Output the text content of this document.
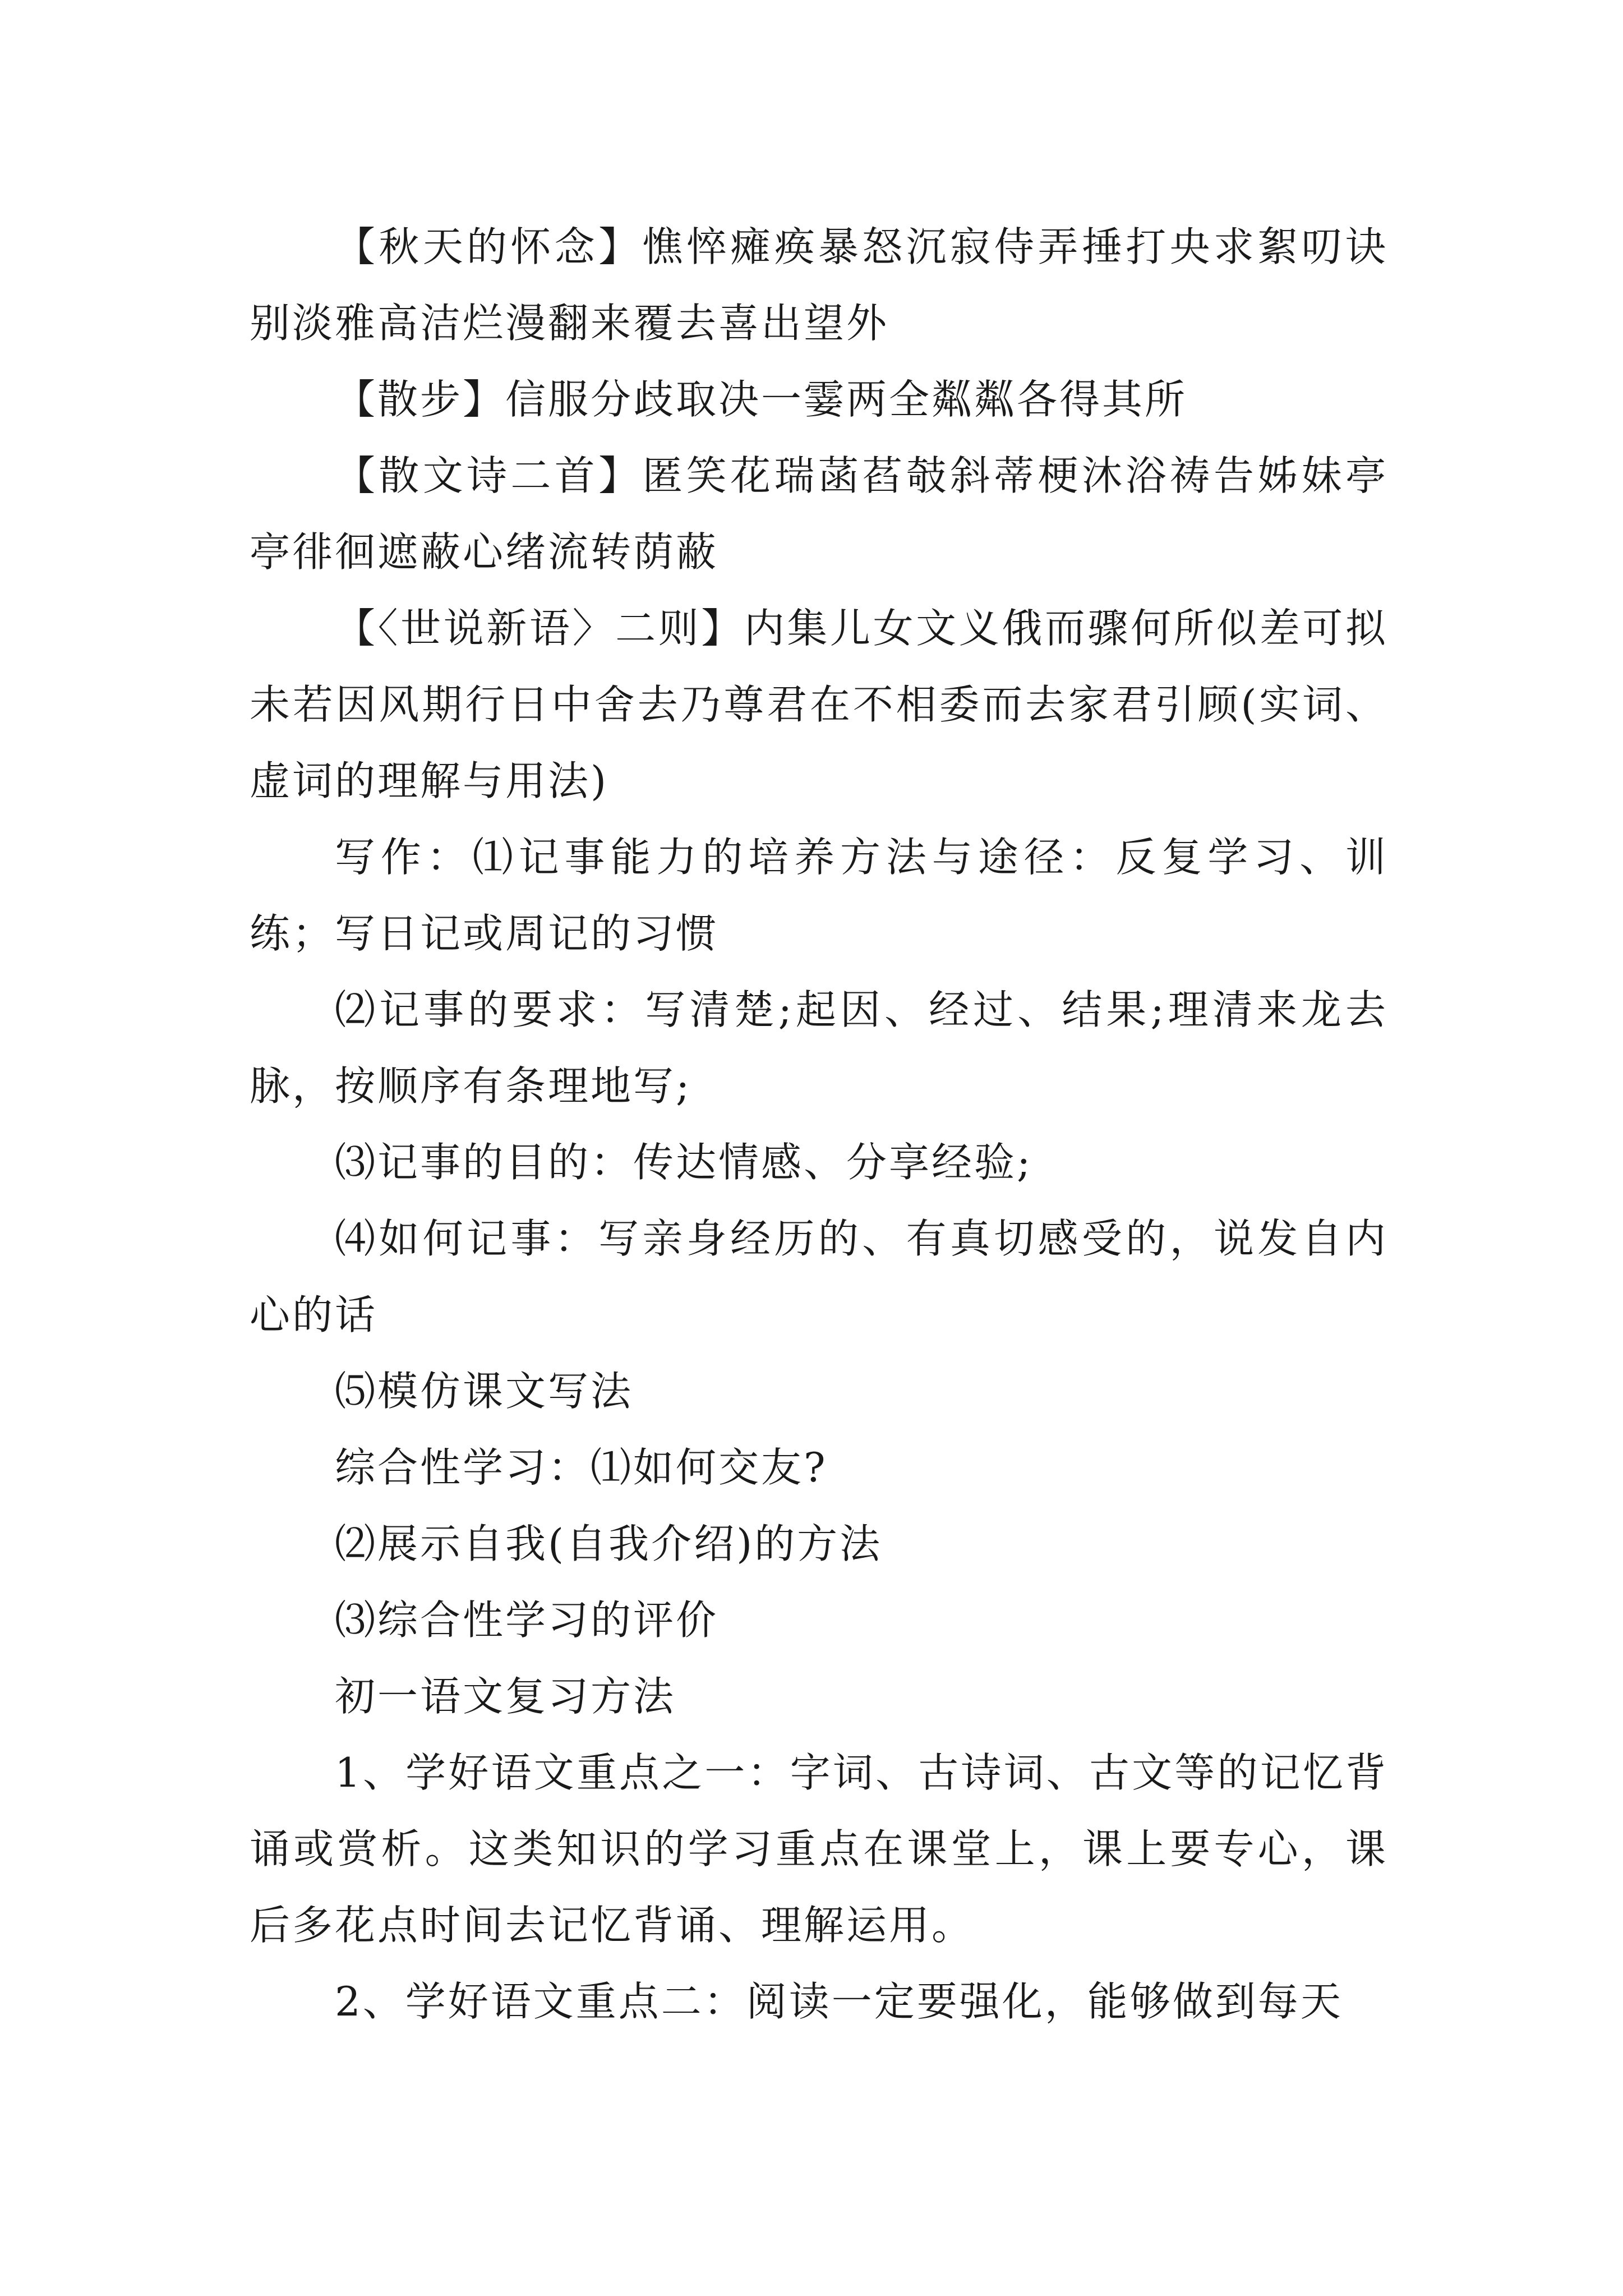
【秋天的怀念】憔悴瘫痪暴怒沉寂侍弄捶打央求絮叨诀别淡雅高洁烂漫翻来覆去喜出望外

【散步】信服分歧取决一霎两全粼粼各得其所

【散文诗二首】匿笑花瑞菡萏攲斜蒂梗沐浴祷告姊妹亭亭徘徊遮蔽心绪流转荫蔽

【〈世说新语〉二则】内集儿女文义俄而骤何所似差可拟未若因风期行日中舍去乃尊君在不相委而去家君引顾(实词、虚词的理解与用法)

写作：⑴记事能力的培养方法与途径：反复学习、训练；写日记或周记的习惯

⑵记事的要求：写清楚;起因、经过、结果;理清来龙去脉，按顺序有条理地写;

⑶记事的目的：传达情感、分享经验;

⑷如何记事：写亲身经历的、有真切感受的，说发自内心的话

⑸模仿课文写法

综合性学习：⑴如何交友?

⑵展示自我(自我介绍)的方法

⑶综合性学习的评价

初一语文复习方法

1、学好语文重点之一：字词、古诗词、古文等的记忆背诵或赏析。这类知识的学习重点在课堂上，课上要专心，课后多花点时间去记忆背诵、理解运用。

2、学好语文重点二：阅读一定要强化，能够做到每天
